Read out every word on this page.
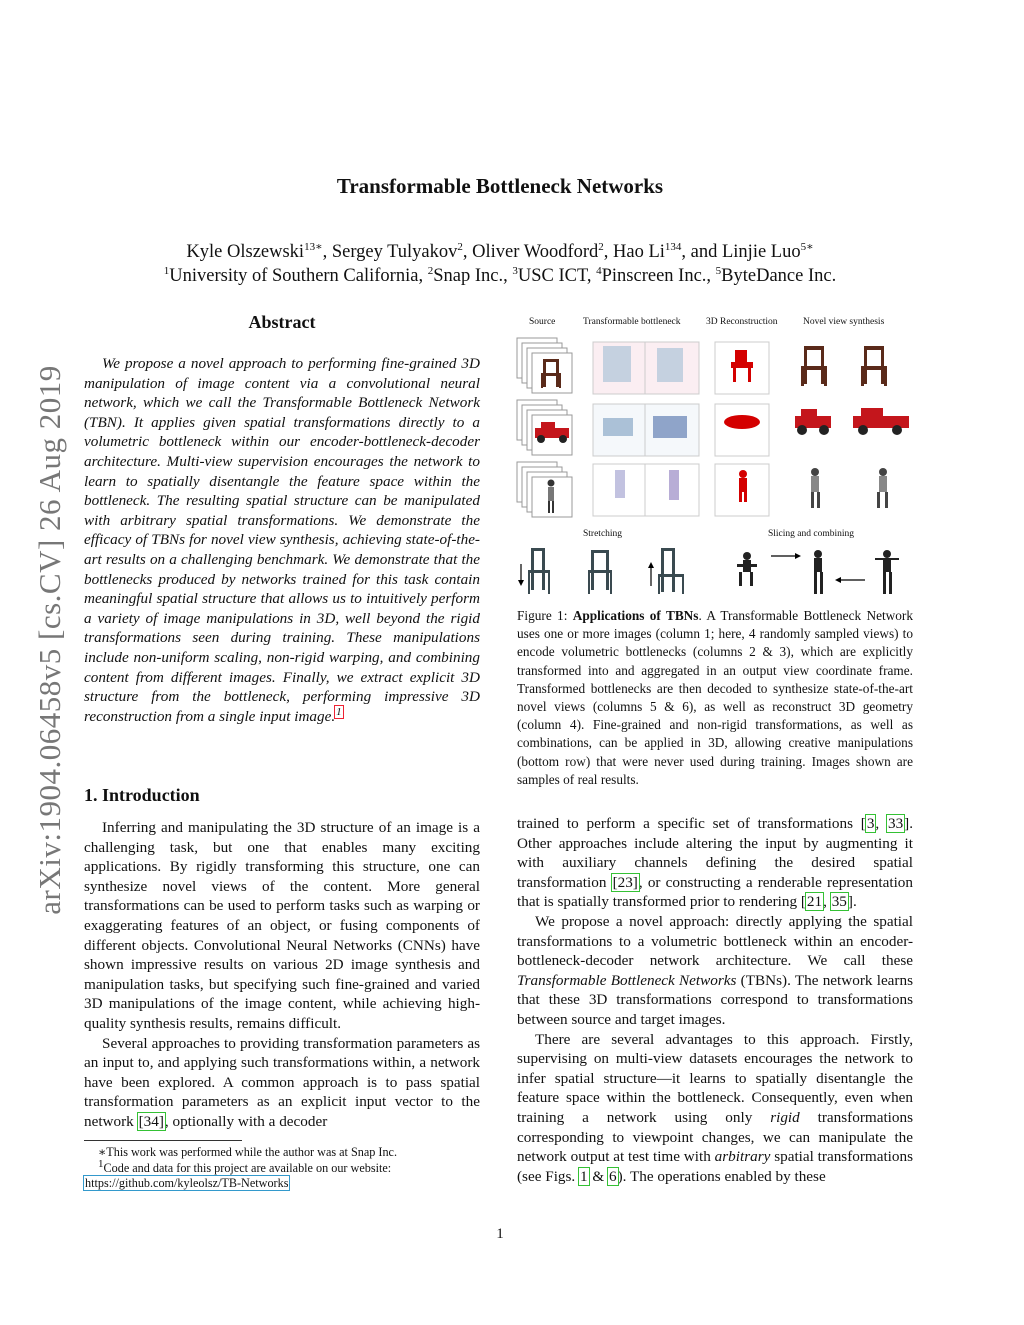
arXiv:1904.06458v5 [cs.CV] 26 Aug 2019
Transformable Bottleneck Networks
Kyle Olszewski$^{13∗}$, Sergey Tulyakov$^2$, Oliver Woodford$^2$, Hao Li$^{134}$, and Linjie Luo$^{5∗}$
$^1$University of Southern California, $^2$Snap Inc., $^3$USC ICT, $^4$Pinscreen Inc., $^5$ByteDance Inc.
Abstract

We propose a novel approach to performing fine-grained 3D manipulation of image content via a convolutional neural network, which we call the Transformable Bottleneck Network (TBN). It applies given spatial transformations directly to a volumetric bottleneck within our encoder-bottleneck-decoder architecture. Multi-view supervision encourages the network to learn to spatially disentangle the feature space within the bottleneck. The resulting spatial structure can be manipulated with arbitrary spatial transformations. We demonstrate the efficacy of TBNs for novel view synthesis, achieving state-of-the-art results on a challenging benchmark. We demonstrate that the bottlenecks produced by networks trained for this task contain meaningful spatial structure that allows us to intuitively perform a variety of image manipulations in 3D, well beyond the rigid transformations seen during training. These manipulations include non-uniform scaling, non-rigid warping, and combining content from different images. Finally, we extract explicit 3D structure from the bottleneck, performing impressive 3D reconstruction from a single input image.$^1$

1. Introduction

Inferring and manipulating the 3D structure of an image is a challenging task, but one that enables many exciting applications. By rigidly transforming this structure, one can synthesize novel views of the content. More general transformations can be used to perform tasks such as warping or exaggerating features of an object, or fusing components of different objects. Convolutional Neural Networks (CNNs) have shown impressive results on various 2D image synthesis and manipulation tasks, but specifying such fine-grained and varied 3D manipulations of the image content, while achieving high-quality synthesis results, remains difficult.

Several approaches to providing transformation parameters as an input to, and applying such transformations within, a network have been explored. A common approach is to pass spatial transformation parameters as an explicit input vector to the network [34], optionally with a decoder

∗This work was performed while the author was at Snap Inc.

$^1$Code and data for this project are available on our website:

https://github.com/kyleolsz/TB-Networks
Source	Transformable bottleneck	3D Reconstruction	Novel view synthesis
Stretching	Slicing and combining
Figure 1: Applications of TBNs. A Transformable Bottleneck Network uses one or more images (column 1; here, 4 randomly sampled views) to encode volumetric bottlenecks (columns 2 & 3), which are explicitly transformed into and aggregated in an output view coordinate frame. Transformed bottlenecks are then decoded to synthesize state-of-the-art novel views (columns 5 & 6), as well as reconstruct 3D geometry (column 4). Fine-grained and non-rigid transformations, as well as combinations, can be applied in 3D, allowing creative manipulations (bottom row) that were never used during training. Images shown are samples of real results.

trained to perform a specific set of transformations [3, 33]. Other approaches include altering the input by augmenting it with auxiliary channels defining the desired spatial transformation [23], or constructing a renderable representation that is spatially transformed prior to rendering [21, 35].

We propose a novel approach: directly applying the spatial transformations to a volumetric bottleneck within an encoder-bottleneck-decoder network architecture. We call these Transformable Bottleneck Networks (TBNs). The network learns that these 3D transformations correspond to transformations between source and target images.

There are several advantages to this approach. Firstly, supervising on multi-view datasets encourages the network to infer spatial structure—it learns to spatially disentangle the feature space within the bottleneck. Consequently, even when training a network using only rigid transformations corresponding to viewpoint changes, we can manipulate the network output at test time with arbitrary spatial transformations (see Figs. 1 & 6). The operations enabled by these

1
